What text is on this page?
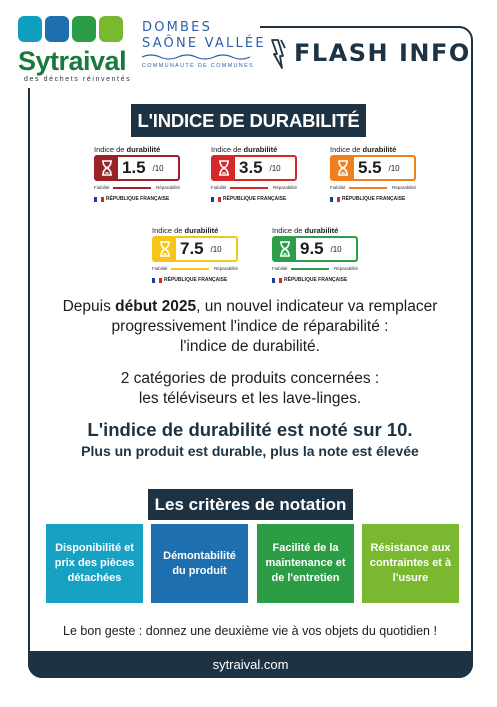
sytraival.com
Sytraival
des déchets réinventés
DOMBES
SAÔNE VALLÉE
COMMUNAUTÉ DE COMMUNES FLASH INFO
L'INDICE DE DURABILITÉ
Indice de durabilité
1.5 /10
Fiabilité	Réparabilité
RÉPUBLIQUE FRANÇAISE
Indice de durabilité
3.5 /10
Fiabilité	Réparabilité
RÉPUBLIQUE FRANÇAISE
Indice de durabilité
5.5 /10
Fiabilité	Réparabilité
RÉPUBLIQUE FRANÇAISE
Indice de durabilité
7.5 /10
Fiabilité	Réparabilité
RÉPUBLIQUE FRANÇAISE
Indice de durabilité
9.5 /10
Fiabilité	Réparabilité
RÉPUBLIQUE FRANÇAISE
Depuis début 2025, un nouvel indicateur va remplacer
progressivement l'indice de réparabilité :
l'indice de durabilité.
2 catégories de produits concernées :
les téléviseurs et les lave-linges.
L'indice de durabilité est noté sur 10.
Plus un produit est durable, plus la note est élevée
Les critères de notation
Disponibilité et prix des pièces détachées
Démontabilité du produit
Facilité de la maintenance et de l'entretien
Résistance aux contraintes et à l'usure
Le bon geste : donnez une deuxième vie à vos objets du quotidien !
